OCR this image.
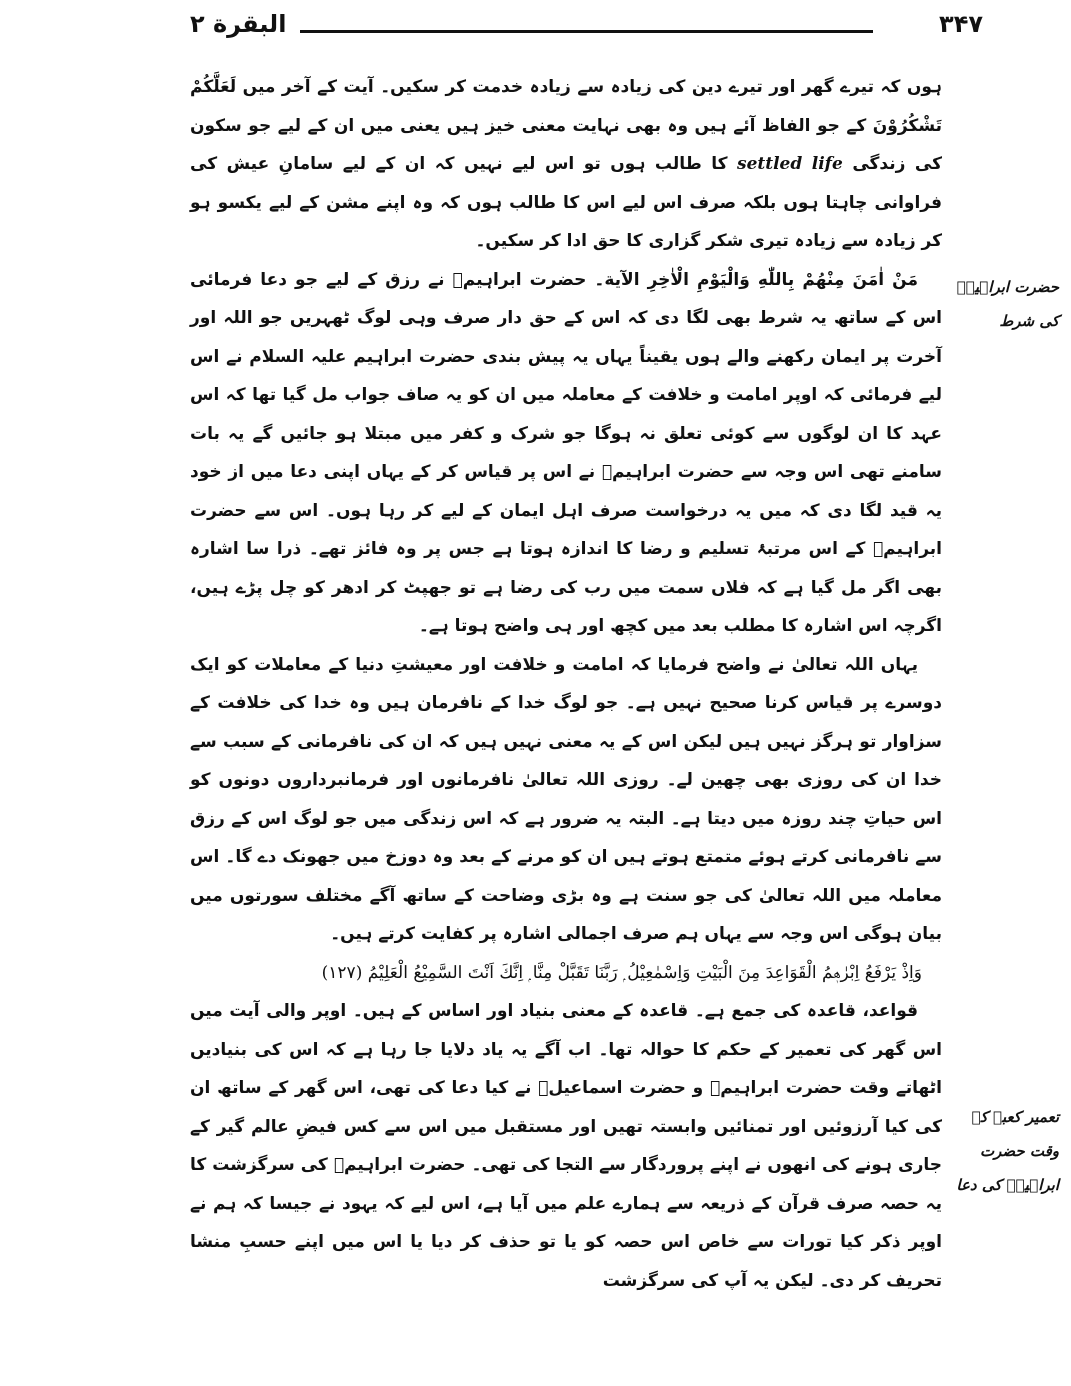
۳۴۷
البقرة ۲
حضرت ابراہیمؑ کی شرط
تعمیر کعبہ کے وقت حضرت ابراہیمؑ کی دعا

ہوں کہ تیرے گھر اور تیرے دین کی زیادہ سے زیادہ خدمت کر سکیں۔ آیت کے آخر میں لَعَلَّكُمْ تَشْكُرُوْنَ کے جو الفاظ آئے ہیں وہ بھی نہایت معنی خیز ہیں یعنی میں ان کے لیے جو سکون کی زندگی settled life کا طالب ہوں تو اس لیے نہیں کہ ان کے لیے سامانِ عیش کی فراوانی چاہتا ہوں بلکہ صرف اس لیے اس کا طالب ہوں کہ وہ اپنے مشن کے لیے یکسو ہو کر زیادہ سے زیادہ تیری شکر گزاری کا حق ادا کر سکیں۔

مَنْ اٰمَنَ مِنْهُمْ بِاللّٰهِ وَالْيَوْمِ الْاٰخِرِ الآية۔ حضرت ابراہیمؑ نے رزق کے لیے جو دعا فرمائی اس کے ساتھ یہ شرط بھی لگا دی کہ اس کے حق دار صرف وہی لوگ ٹھہریں جو اللہ اور آخرت پر ایمان رکھنے والے ہوں یقیناً یہاں یہ پیش بندی حضرت ابراہیم علیہ السلام نے اس لیے فرمائی کہ اوپر امامت و خلافت کے معاملہ میں ان کو یہ صاف جواب مل گیا تھا کہ اس عہد کا ان لوگوں سے کوئی تعلق نہ ہوگا جو شرک و کفر میں مبتلا ہو جائیں گے یہ بات سامنے تھی اس وجہ سے حضرت ابراہیمؑ نے اس پر قیاس کر کے یہاں اپنی دعا میں از خود یہ قید لگا دی کہ میں یہ درخواست صرف اہل ایمان کے لیے کر رہا ہوں۔ اس سے حضرت ابراہیمؑ کے اس مرتبۂ تسلیم و رضا کا اندازہ ہوتا ہے جس پر وہ فائز تھے۔ ذرا سا اشارہ بھی اگر مل گیا ہے کہ فلاں سمت میں رب کی رضا ہے تو جھپٹ کر ادھر کو چل پڑے ہیں، اگرچہ اس اشارہ کا مطلب بعد میں کچھ اور ہی واضح ہوتا ہے۔

یہاں اللہ تعالیٰ نے واضح فرمایا کہ امامت و خلافت اور معیشتِ دنیا کے معاملات کو ایک دوسرے پر قیاس کرنا صحیح نہیں ہے۔ جو لوگ خدا کے نافرمان ہیں وہ خدا کی خلافت کے سزاوار تو ہرگز نہیں ہیں لیکن اس کے یہ معنی نہیں ہیں کہ ان کی نافرمانی کے سبب سے خدا ان کی روزی بھی چھین لے۔ روزی اللہ تعالیٰ نافرمانوں اور فرمانبرداروں دونوں کو اس حیاتِ چند روزہ میں دیتا ہے۔ البتہ یہ ضرور ہے کہ اس زندگی میں جو لوگ اس کے رزق سے نافرمانی کرتے ہوئے متمتع ہوتے ہیں ان کو مرنے کے بعد وہ دوزخ میں جھونک دے گا۔ اس معاملہ میں اللہ تعالیٰ کی جو سنت ہے وہ بڑی وضاحت کے ساتھ آگے مختلف سورتوں میں بیان ہوگی اس وجہ سے یہاں ہم صرف اجمالی اشارہ پر کفایت کرتے ہیں۔

وَاِذْ يَرْفَعُ اِبْرٰهٖمُ الْقَوَاعِدَ مِنَ الْبَيْتِ وَاِسْمٰعِيْلُ ۭ رَبَّنَا تَقَبَّلْ مِنَّا ۭ اِنَّكَ اَنْتَ السَّمِيْعُ الْعَلِيْمُ (۱۲۷)

قواعد، قاعدہ کی جمع ہے۔ قاعدہ کے معنی بنیاد اور اساس کے ہیں۔ اوپر والی آیت میں اس گھر کی تعمیر کے حکم کا حوالہ تھا۔ اب آگے یہ یاد دلایا جا رہا ہے کہ اس کی بنیادیں اٹھاتے وقت حضرت ابراہیمؑ و حضرت اسماعیلؑ نے کیا دعا کی تھی، اس گھر کے ساتھ ان کی کیا آرزوئیں اور تمنائیں وابستہ تھیں اور مستقبل میں اس سے کس فیضِ عالم گیر کے جاری ہونے کی انھوں نے اپنے پروردگار سے التجا کی تھی۔ حضرت ابراہیمؑ کی سرگزشت کا یہ حصہ صرف قرآن کے ذریعہ سے ہمارے علم میں آیا ہے، اس لیے کہ یہود نے جیسا کہ ہم نے اوپر ذکر کیا تورات سے خاص اس حصہ کو یا تو حذف کر دیا یا اس میں اپنے حسبِ منشا تحریف کر دی۔ لیکن یہ آپ کی سرگزشت
